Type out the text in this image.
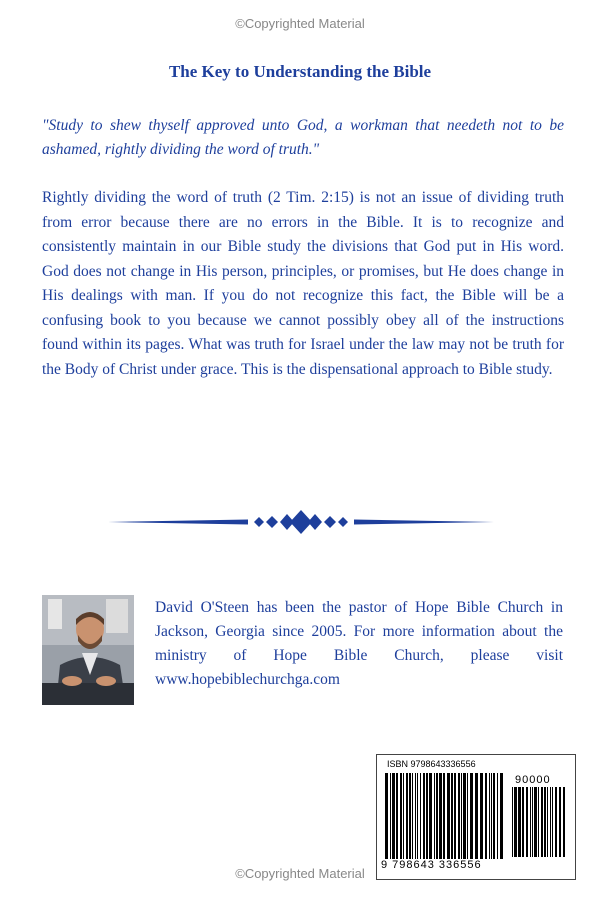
©Copyrighted Material
The Key to Understanding the Bible
"Study to shew thyself approved unto God, a workman that needeth not to be ashamed, rightly dividing the word of truth."
Rightly dividing the word of truth (2 Tim. 2:15) is not an issue of dividing truth from error because there are no errors in the Bible. It is to recognize and consistently maintain in our Bible study the divisions that God put in His word. God does not change in His person, principles, or promises, but He does change in His dealings with man. If you do not recognize this fact, the Bible will be a confusing book to you because we cannot possibly obey all of the instructions found within its pages. What was truth for Israel under the law may not be truth for the Body of Christ under grace. This is the dispensational approach to Bible study.
David O'Steen has been the pastor of Hope Bible Church in Jackson, Georgia since 2005. For more information about the ministry of Hope Bible Church, please visit www.hopebiblechurchga.com
ISBN 9798643336556
9 798643 336556
90000
©Copyrighted Material
